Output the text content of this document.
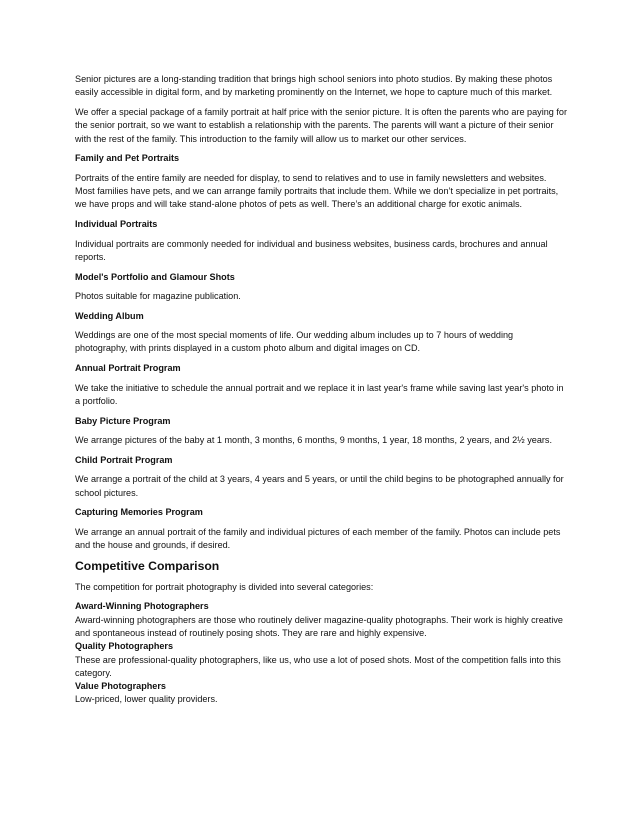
Senior pictures are a long-standing tradition that brings high school seniors into photo studios. By making these photos easily accessible in digital form, and by marketing prominently on the Internet, we hope to capture much of this market.

We offer a special package of a family portrait at half price with the senior picture. It is often the parents who are paying for the senior portrait, so we want to establish a relationship with the parents. The parents will want a picture of their senior with the rest of the family. This introduction to the family will allow us to market our other services.

Family and Pet Portraits

Portraits of the entire family are needed for display, to send to relatives and to use in family newsletters and websites. Most families have pets, and we can arrange family portraits that include them. While we don’t specialize in pet portraits, we have props and will take stand-alone photos of pets as well. There’s an additional charge for exotic animals.

Individual Portraits

Individual portraits are commonly needed for individual and business websites, business cards, brochures and annual reports.

Model's Portfolio and Glamour Shots

Photos suitable for magazine publication.

Wedding Album

Weddings are one of the most special moments of life. Our wedding album includes up to 7 hours of wedding photography, with prints displayed in a custom photo album and digital images on CD.

Annual Portrait Program

We take the initiative to schedule the annual portrait and we replace it in last year's frame while saving last year's photo in a portfolio.

Baby Picture Program

We arrange pictures of the baby at 1 month, 3 months, 6 months, 9 months, 1 year, 18 months, 2 years, and 2½ years.

Child Portrait Program

We arrange a portrait of the child at 3 years, 4 years and 5 years, or until the child begins to be photographed annually for school pictures.

Capturing Memories Program

We arrange an annual portrait of the family and individual pictures of each member of the family. Photos can include pets and the house and grounds, if desired.

Competitive Comparison

The competition for portrait photography is divided into several categories:

Award-Winning Photographers

Award-winning photographers are those who routinely deliver magazine-quality photographs. Their work is highly creative and spontaneous instead of routinely posing shots. They are rare and highly expensive.

Quality Photographers

These are professional-quality photographers, like us, who use a lot of posed shots. Most of the competition falls into this category.

Value Photographers

Low-priced, lower quality providers.
